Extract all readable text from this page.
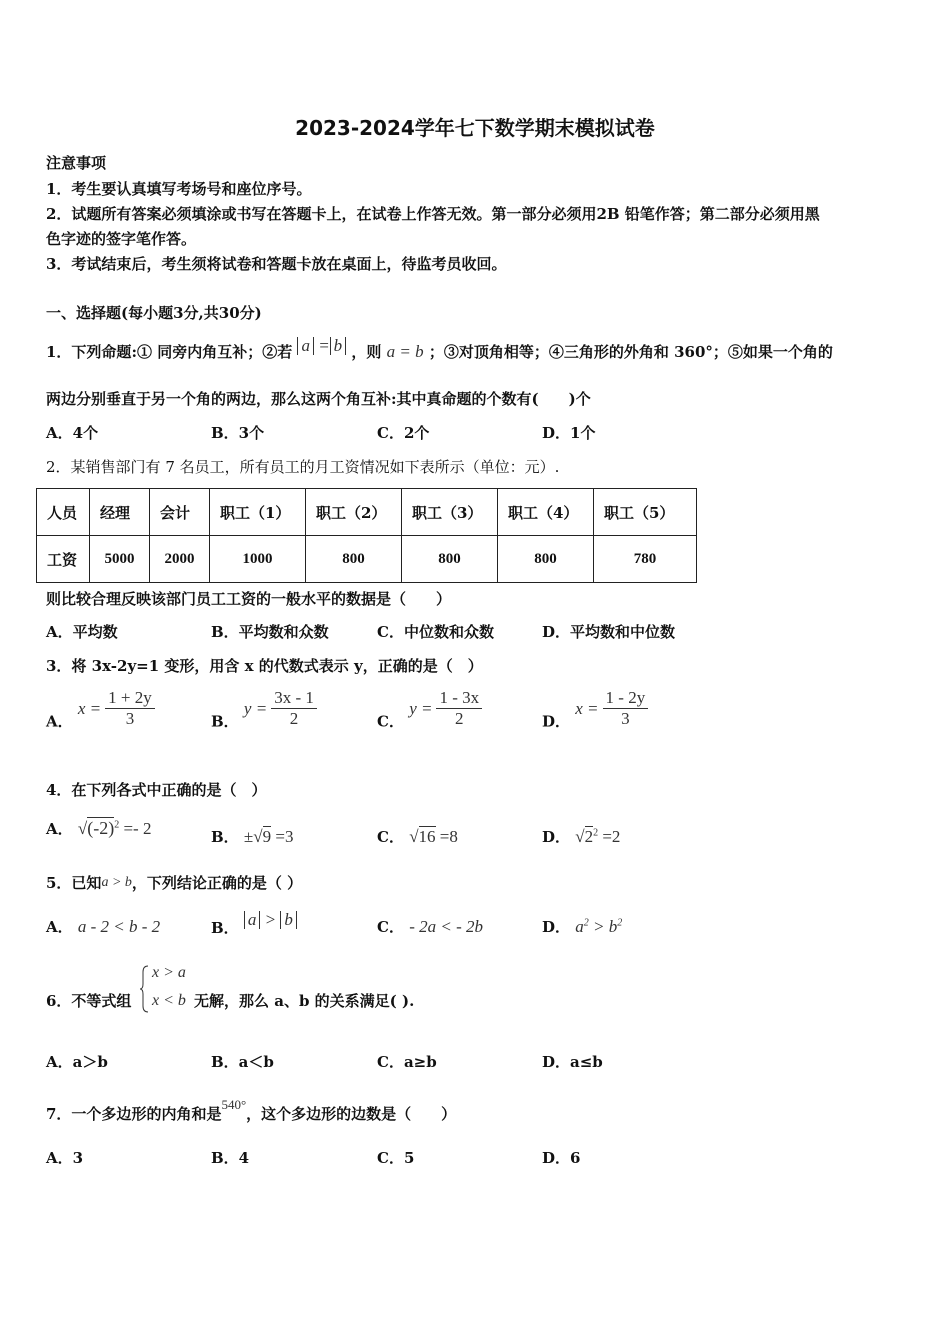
2023-2024学年七下数学期末模拟试卷
注意事项
1．考生要认真填写考场号和座位序号。
2．试题所有答案必须填涂或书写在答题卡上，在试卷上作答无效。第一部分必须用2B 铅笔作答；第二部分必须用黑
色字迹的签字笔作答。
3．考试结束后，考生须将试卷和答题卡放在桌面上，待监考员收回。
一、选择题(每小题3分,共30分)
1．下列命题:① 同旁内角互补；②若 a = b ，则 a = b ；③对顶角相等；④三角形的外角和 360°；⑤如果一个角的
两边分别垂直于另一个角的两边，那么这两个角互补:其中真命题的个数有(　　)个
A．4个	B．3个	C．2个	D．1个
2．某销售部门有 7 名员工，所有员工的月工资情况如下表所示（单位：元）.
人员	经理	会计	职工（1）	职工（2）	职工（3）	职工（4）	职工（5）
工资	5000	2000	1000	800	800	800	780
则比较合理反映该部门员工工资的一般水平的数据是（　　）
A．平均数	B．平均数和众数	C．中位数和众数	D．平均数和中位数
3．将 3x-2y=1 变形，用含 x 的代数式表示 y，正确的是（　）
A． $x = \frac{1 + 2y}{3}$	B． $y = \frac{3x - 1}{2}$	C． $y = \frac{1 - 3x}{2}$	D． $x = \frac{1 - 2y}{3}$
4．在下列各式中正确的是（　）
A． $√(-2)^2 =- 2$	B． ±√9 =3	C． √16 =8	D． $√2^2 =2$
5．已知a > b，下列结论正确的是（ ）
A． a - 2 < b - 2	B． a > b	C． - 2a < - 2b	D． $a^2 > b^2$
6．不等式组
x > a
x < b 无解，那么 a、b 的关系满足( ).
A．a＞b	B．a＜b	C．a≥b	D．a≤b
7．一个多边形的内角和是540°，这个多边形的边数是（　　）
A．3	B．4	C．5	D．6
